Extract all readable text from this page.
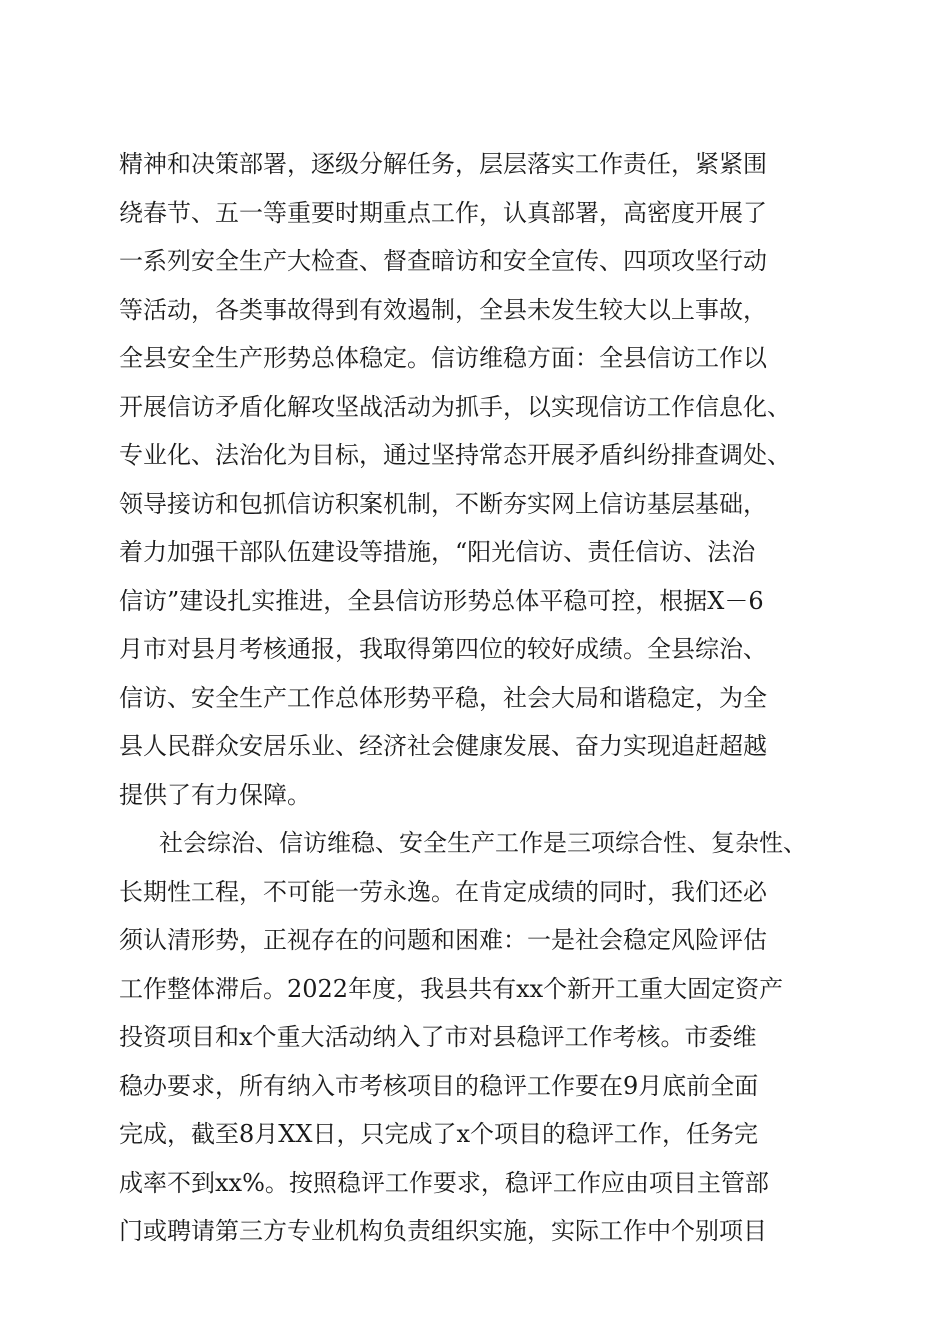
精神和决策部署，逐级分解任务，层层落实工作责任，紧紧围
绕春节、五一等重要时期重点工作，认真部署，高密度开展了
一系列安全生产大检查、督查暗访和安全宣传、四项攻坚行动
等活动，各类事故得到有效遏制，全县未发生较大以上事故，
全县安全生产形势总体稳定。信访维稳方面：全县信访工作以
开展信访矛盾化解攻坚战活动为抓手，以实现信访工作信息化、
专业化、法治化为目标，通过坚持常态开展矛盾纠纷排查调处、
领导接访和包抓信访积案机制，不断夯实网上信访基层基础，
着力加强干部队伍建设等措施，“阳光信访、责任信访、法治
信访”建设扎实推进，全县信访形势总体平稳可控，根据X－6
月市对县月考核通报，我取得第四位的较好成绩。全县综治、
信访、安全生产工作总体形势平稳，社会大局和谐稳定，为全
县人民群众安居乐业、经济社会健康发展、奋力实现追赶超越
提供了有力保障。
社会综治、信访维稳、安全生产工作是三项综合性、复杂性、
长期性工程，不可能一劳永逸。在肯定成绩的同时，我们还必
须认清形势，正视存在的问题和困难：一是社会稳定风险评估
工作整体滞后。2022年度，我县共有xx个新开工重大固定资产
投资项目和x个重大活动纳入了市对县稳评工作考核。市委维
稳办要求，所有纳入市考核项目的稳评工作要在9月底前全面
完成，截至8月XX日，只完成了x个项目的稳评工作，任务完
成率不到xx%。按照稳评工作要求，稳评工作应由项目主管部
门或聘请第三方专业机构负责组织实施，实际工作中个别项目
